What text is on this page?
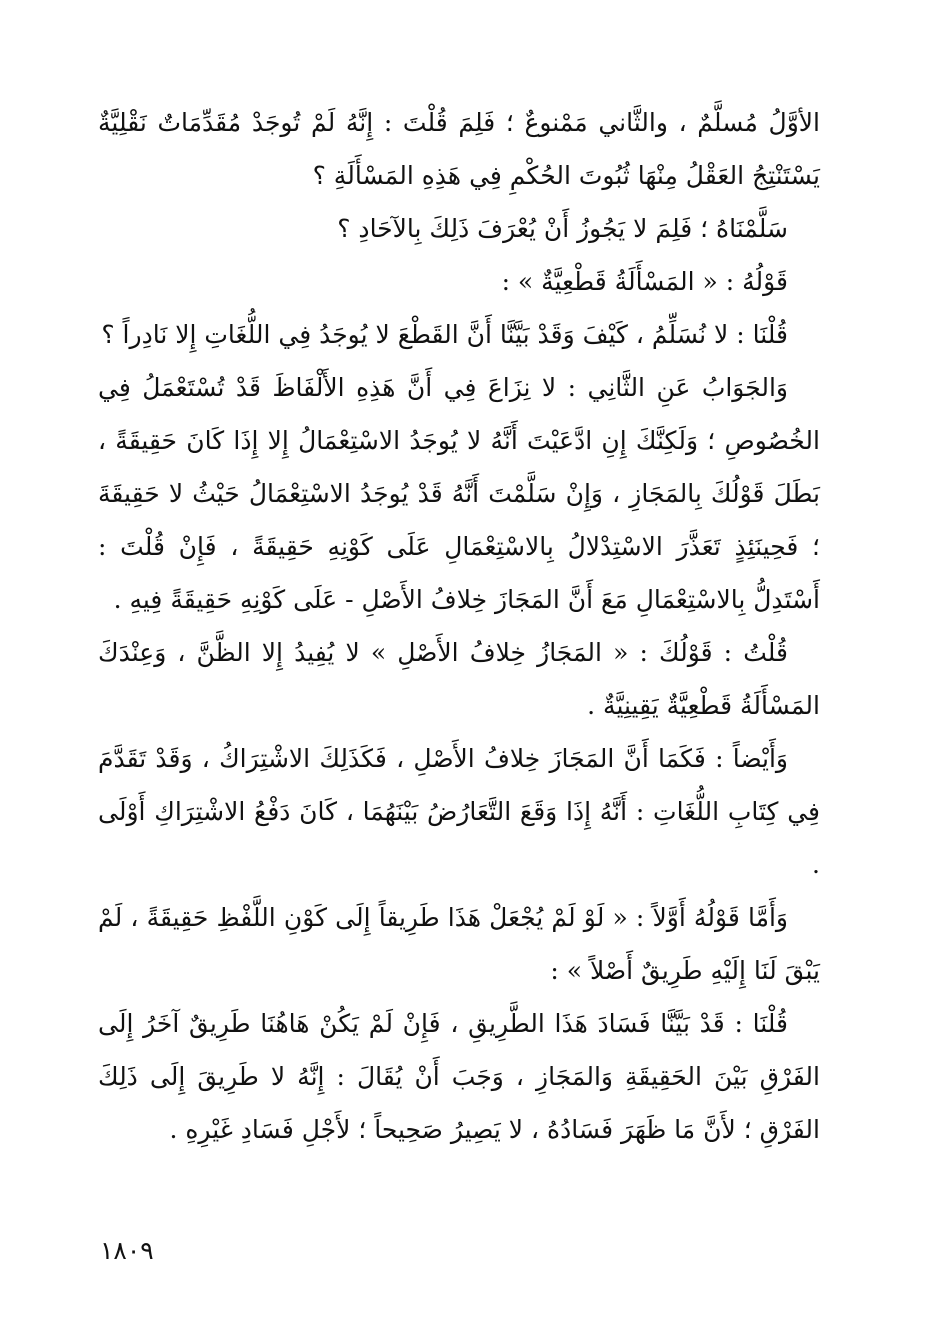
الأوَّلُ مُسلَّمٌ ، والثَّاني مَمْنوعٌ ؛ فَلِمَ قُلْتَ : إِنَّهُ لَمْ تُوجَدْ مُقَدِّمَاتٌ نَقْلِيَّةٌ يَسْتَنْتِجُ العَقْلُ مِنْهَا ثُبُوتَ الحُكْمِ فِي هَذِهِ المَسْأَلَةِ ؟

سَلَّمْنَاهُ ؛ فَلِمَ لا يَجُوزُ أَنْ يُعْرَفَ ذَلِكَ بِالآحَادِ ؟

قَوْلُهُ : « المَسْأَلَةُ قَطْعِيَّةٌ » :

قُلْنَا : لا نُسَلِّمُ ، كَيْفَ وَقَدْ بَيَّنَّا أَنَّ القَطْعَ لا يُوجَدُ فِي اللُّغَاتِ إِلا نَادِراً ؟

وَالجَوَابُ عَنِ الثَّانِي : لا نِزَاعَ فِي أَنَّ هَذِهِ الأَلْفَاظَ قَدْ تُسْتَعْمَلُ فِي الخُصُوصِ ؛ وَلَكِنَّكَ إِنِ ادَّعَيْتَ أَنَّهُ لا يُوجَدُ الاسْتِعْمَالُ إِلا إِذَا كَانَ حَقِيقَةً ، بَطَلَ قَوْلُكَ بِالمَجَازِ ، وَإِنْ سَلَّمْتَ أَنَّهُ قَدْ يُوجَدُ الاسْتِعْمَالُ حَيْثُ لا حَقِيقَةَ ؛ فَحِينَئِذٍ تَعَذَّرَ الاسْتِدْلالُ بِالاسْتِعْمَالِ عَلَى كَوْنِهِ حَقِيقَةً ، فَإِنْ قُلْتَ : أَسْتَدِلُّ بِالاسْتِعْمَالِ مَعَ أَنَّ المَجَازَ خِلافُ الأَصْلِ - عَلَى كَوْنِهِ حَقِيقَةً فِيهِ .

قُلْتُ : قَوْلُكَ : « المَجَازُ خِلافُ الأَصْلِ » لا يُفِيدُ إِلا الظَّنَّ ، وَعِنْدَكَ المَسْأَلَةُ قَطْعِيَّةٌ يَقِينِيَّةٌ .

وَأَيْضاً : فَكَمَا أَنَّ المَجَازَ خِلافُ الأَصْلِ ، فَكَذَلِكَ الاشْتِرَاكُ ، وَقَدْ تَقَدَّمَ فِي كِتَابِ اللُّغَاتِ : أَنَّهُ إِذَا وَقَعَ التَّعَارُضُ بَيْنَهُمَا ، كَانَ دَفْعُ الاشْتِرَاكِ أَوْلَى .

وَأَمَّا قَوْلُهُ أَوَّلاً : « لَوْ لَمْ يُجْعَلْ هَذَا طَرِيقاً إِلَى كَوْنِ اللَّفْظِ حَقِيقَةً ، لَمْ يَبْقَ لَنَا إِلَيْهِ طَرِيقٌ أَصْلاً » :

قُلْنَا : قَدْ بَيَّنَّا فَسَادَ هَذَا الطَّرِيقِ ، فَإِنْ لَمْ يَكُنْ هَاهُنَا طَرِيقٌ آخَرُ إِلَى الفَرْقِ بَيْنَ الحَقِيقَةِ وَالمَجَازِ ، وَجَبَ أَنْ يُقَالَ : إِنَّهُ لا طَرِيقَ إِلَى ذَلِكَ الفَرْقِ ؛ لأَنَّ مَا ظَهَرَ فَسَادُهُ ، لا يَصِيرُ صَحِيحاً ؛ لأَجْلِ فَسَادِ غَيْرِهِ .

١٨٠٩
